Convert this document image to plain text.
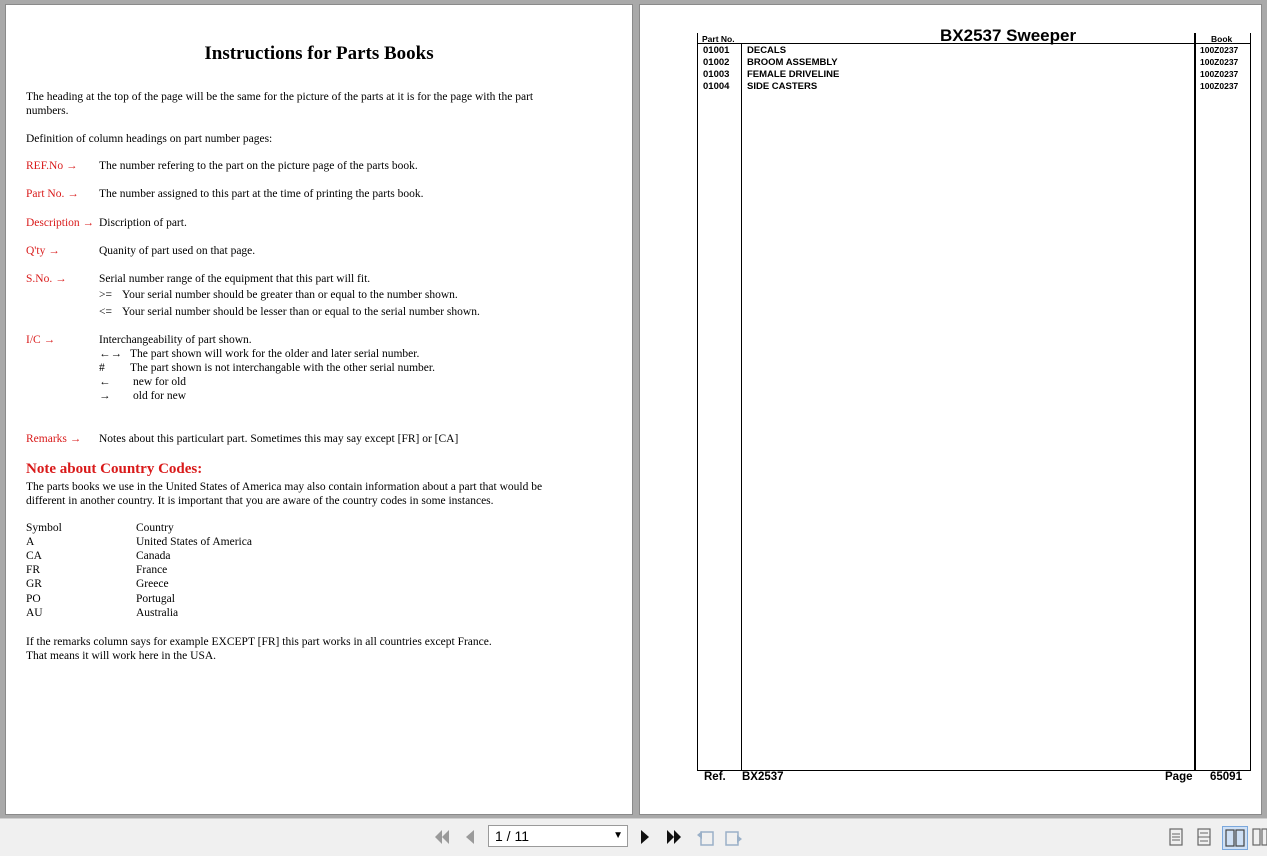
Instructions for Parts Books
The heading at the top of the page will be the same for the picture of the parts at it is for the page with the part
numbers.
Definition of column headings on part number pages:
REF.No → The number refering to the part on the picture page of the parts book.
Part No. → The number assigned to this part at the time of printing the parts book.
Description → Discription of part.
Q'ty →	Quanity of part used on that page.
S.No. →	Serial number range of the equipment that this part will fit.
>= Your serial number should be greater than or equal to the number shown.
<= Your serial number should be lesser than or equal to the serial number shown.
I/C →	Interchangeability of part shown.
←→ The part shown will work for the older and later serial number.
# The part shown is not interchangable with the other serial number.
← new for old
→ old for new
Remarks → Notes about this particulart part. Sometimes this may say except [FR] or [CA]
Note about Country Codes:
The parts books we use in the United States of America may also contain information about a part that would be
different in another country. It is important that you are aware of the country codes in some instances.
Symbol	Country
A	United States of America
CA	Canada
FR	France
GR	Greece
PO	Portugal
AU	Australia
If the remarks column says for example EXCEPT [FR] this part works in all countries except France.
That means it will work here in the USA.
BX2537 Sweeper
Part No.	Book
01001 DECALS	100Z0237
01002 BROOM ASSEMBLY	100Z0237
01003 FEMALE DRIVELINE	100Z0237
01004 SIDE CASTERS	100Z0237
Ref. BX2537	Page 65091
1 / 11	▼
